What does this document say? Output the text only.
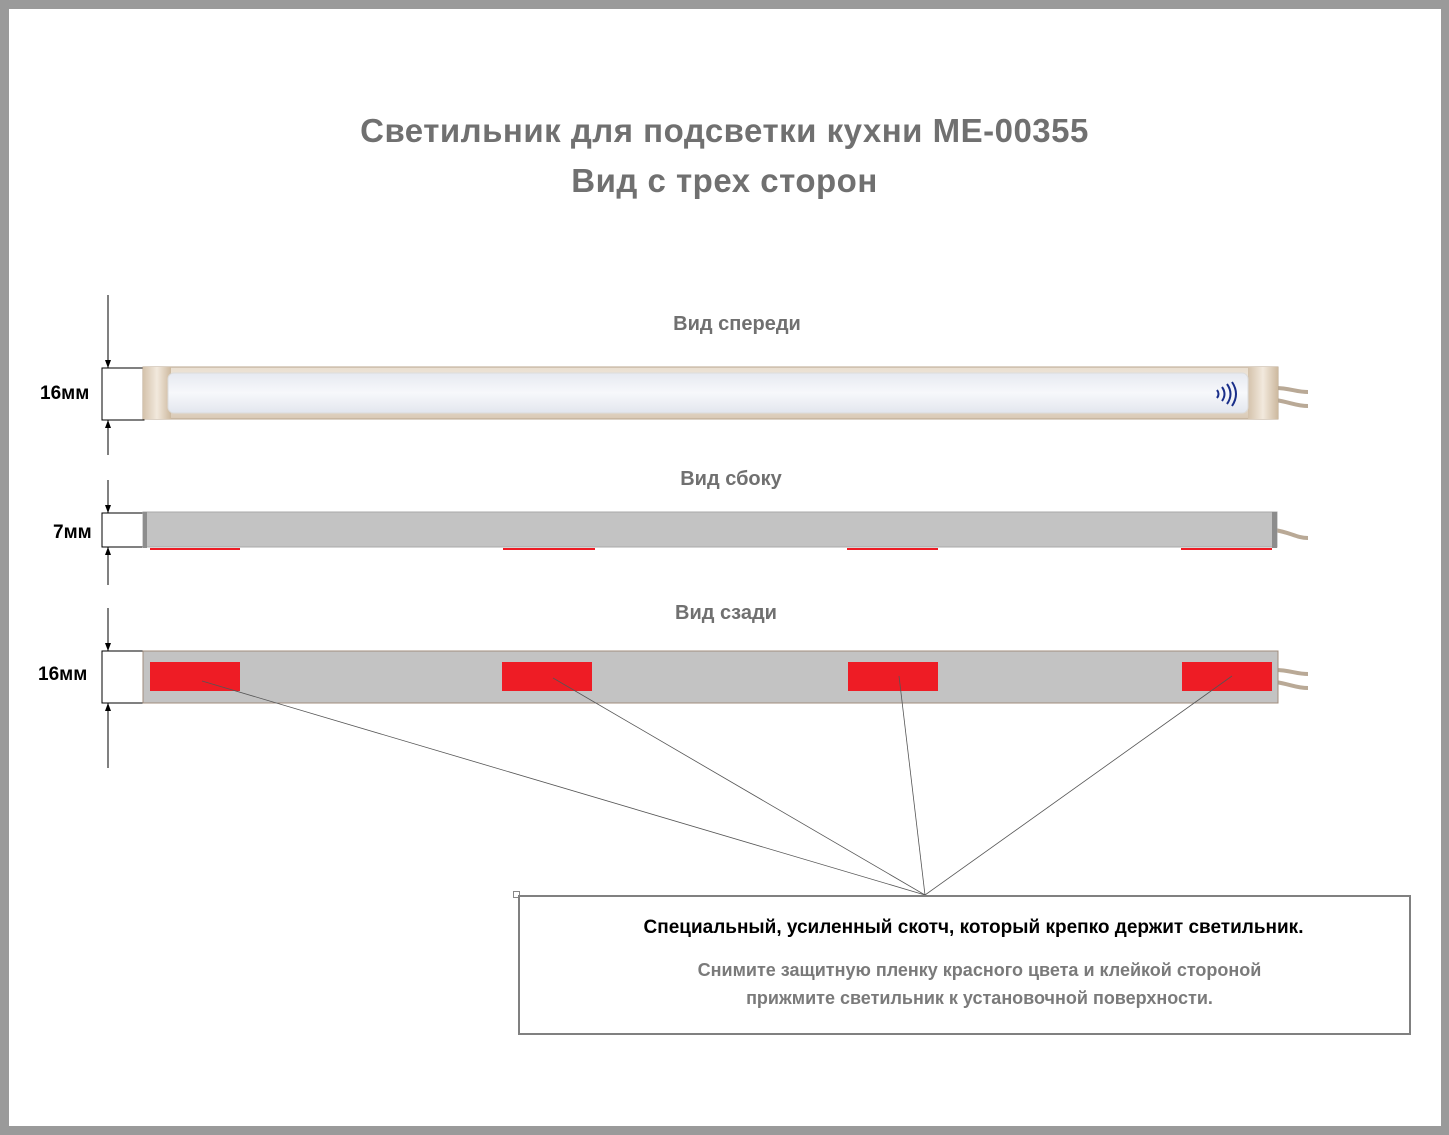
Светильник для подсветки кухни ME-00355
Вид с трех сторон
Вид спереди
Вид сбоку
Вид сзади
16мм
7мм
16мм
Специальный, усиленный скотч, который крепко держит светильник.
Снимите защитную пленку красного цвета и клейкой стороной
прижмите светильник к установочной поверхности.
